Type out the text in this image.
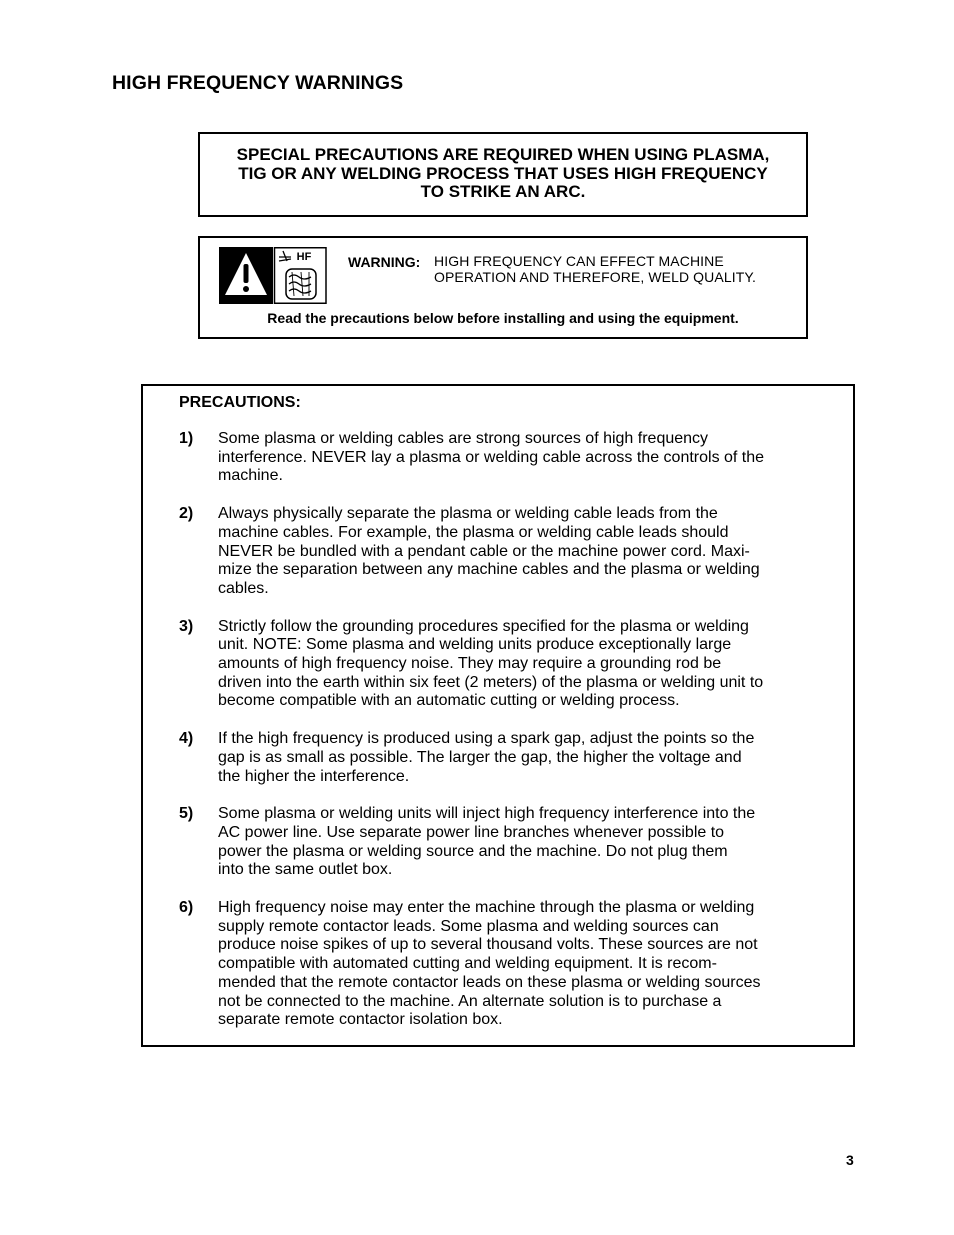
HIGH FREQUENCY WARNINGS
SPECIAL PRECAUTIONS ARE REQUIRED WHEN USING PLASMA,
TIG OR ANY WELDING PROCESS THAT USES HIGH FREQUENCY
TO STRIKE AN ARC.
HF	WARNING: HIGH FREQUENCY CAN EFFECT MACHINE
OPERATION AND THEREFORE, WELD QUALITY.
Read the precautions below before installing and using the equipment.
PRECAUTIONS:
1) Some plasma or welding cables are strong sources of high frequency
interference. NEVER lay a plasma or welding cable across the controls of the
machine.
2) Always physically separate the plasma or welding cable leads from the
machine cables. For example, the plasma or welding cable leads should
NEVER be bundled with a pendant cable or the machine power cord. Maxi-
mize the separation between any machine cables and the plasma or welding
cables.
3) Strictly follow the grounding procedures specified for the plasma or welding
unit. NOTE: Some plasma and welding units produce exceptionally large
amounts of high frequency noise. They may require a grounding rod be
driven into the earth within six feet (2 meters) of the plasma or welding unit to
become compatible with an automatic cutting or welding process.
4) If the high frequency is produced using a spark gap, adjust the points so the
gap is as small as possible. The larger the gap, the higher the voltage and
the higher the interference.
5) Some plasma or welding units will inject high frequency interference into the
AC power line. Use separate power line branches whenever possible to
power the plasma or welding source and the machine. Do not plug them
into the same outlet box.
6) High frequency noise may enter the machine through the plasma or welding
supply remote contactor leads. Some plasma and welding sources can
produce noise spikes of up to several thousand volts. These sources are not
compatible with automated cutting and welding equipment. It is recom-
mended that the remote contactor leads on these plasma or welding sources
not be connected to the machine. An alternate solution is to purchase a
separate remote contactor isolation box.
3
